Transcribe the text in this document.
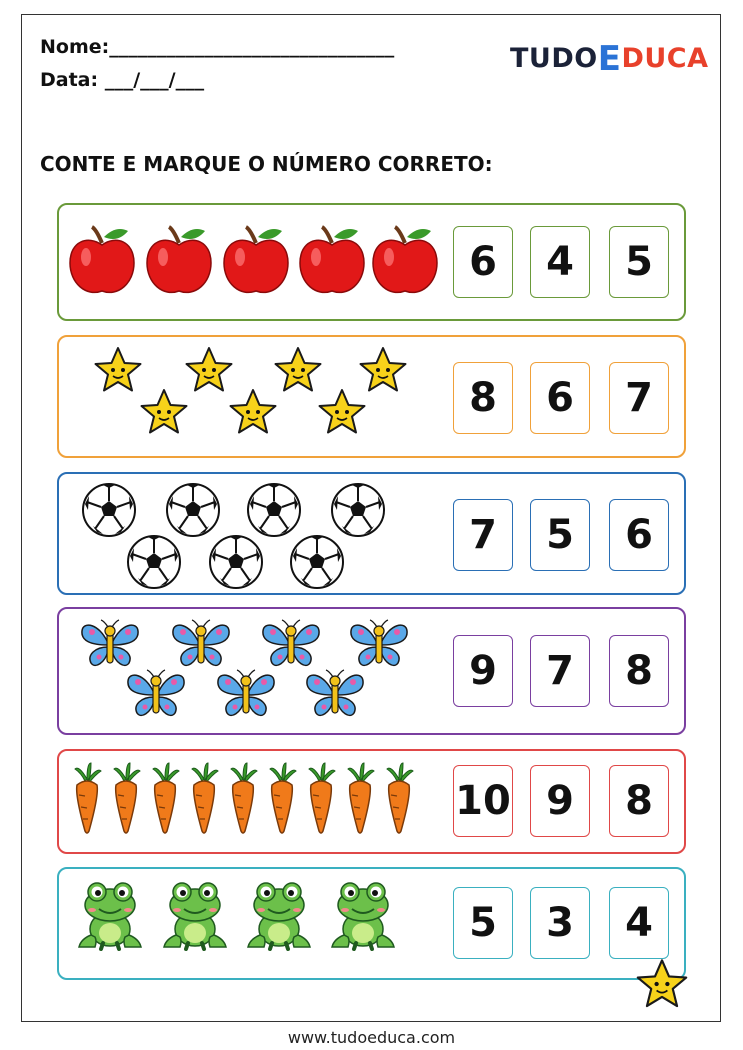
Nome:______________________________
Data: ___/___/___
TUDOEDUCA
CONTE E MARQUE O NÚMERO CORRETO:
6	4	5
8	6	7
7	5	6
9	7	8
10 9	8
5	3	4
www.tudoeduca.com
